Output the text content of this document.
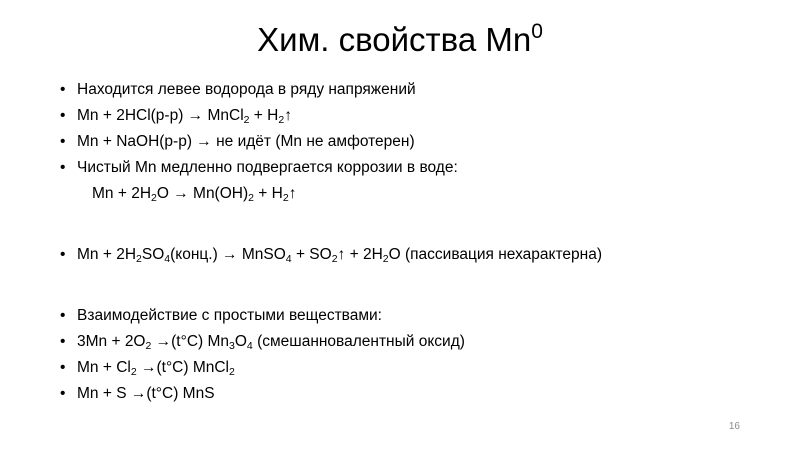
Хим. свойства Mn$^0$
• Находится левее водорода в ряду напряжений
• Mn + 2HCl(р-р) → MnCl$_2$ + $H_2↑$
• Mn + NaOH(р-р) → не идёт (Mn не амфотерен)
• Чистый Mn медленно подвергается коррозии в воде:
$Mn + 2H_2O \to Mn(OH)_2$ + $H_2↑$
• $Mn + 2H_2SO_4(конц.)$ → MnSO$_4$ + $SO_2↑ + 2H_2O$ (пассивация нехарактерна)
• Взаимодействие с простыми веществами:
• $3Mn + 2O_2 \to(t^\circ C)$ $Mn_3O_4$ (смешанновалентный оксид)
• $Mn + Cl_2 \to(t^\circ C)$ MnCl$_2$
• Mn + S →(t°C) MnS
16
